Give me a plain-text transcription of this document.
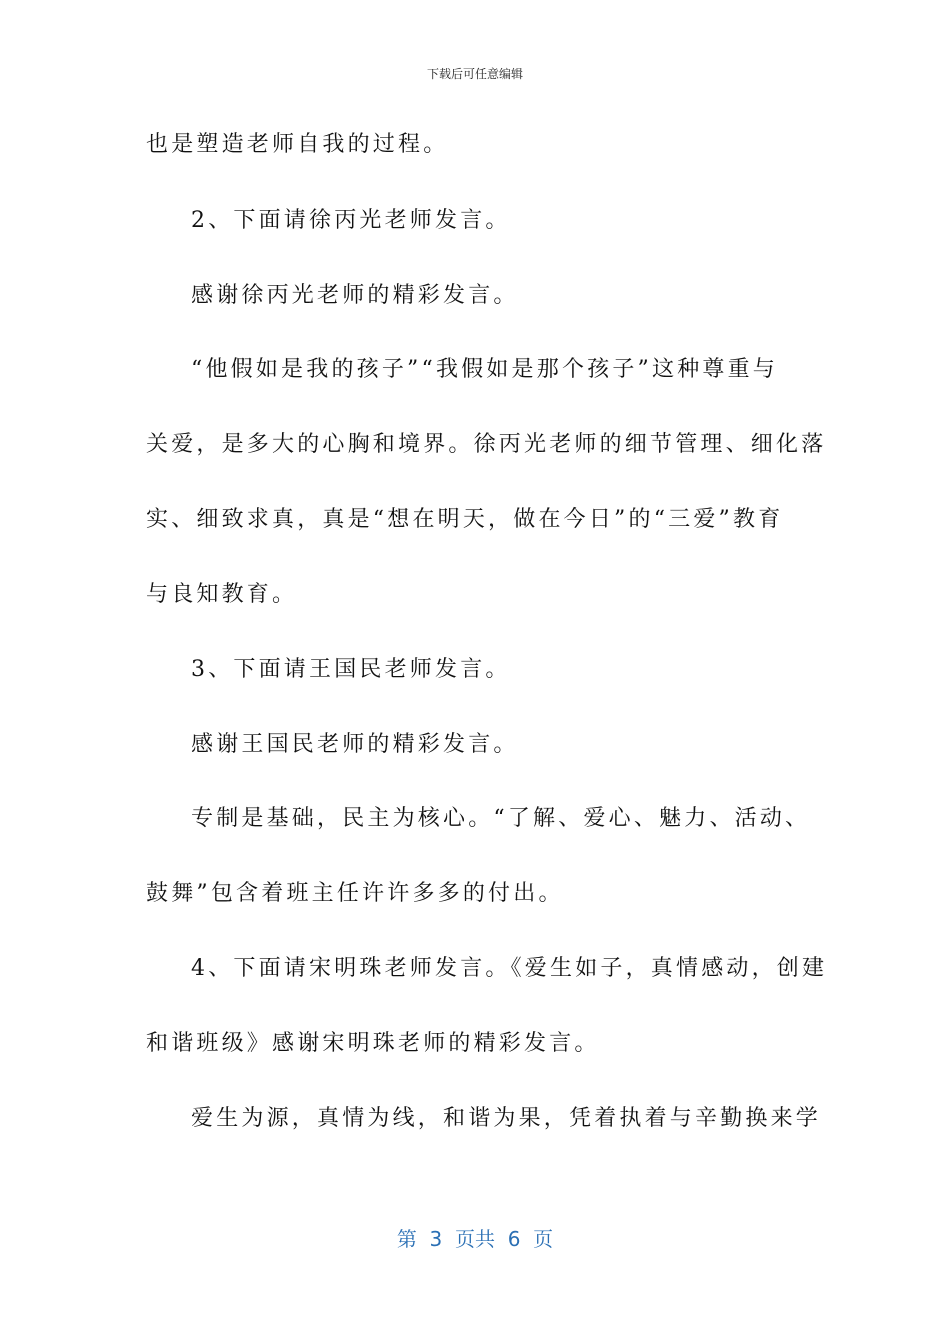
下载后可任意编辑
也是塑造老师自我的过程。
2、下面请徐丙光老师发言。
感谢徐丙光老师的精彩发言。
“他假如是我的孩子”“我假如是那个孩子”这种尊重与
关爱，是多大的心胸和境界。徐丙光老师的细节管理、细化落
实、细致求真，真是“想在明天，做在今日”的“三爱”教育
与良知教育。
3、下面请王国民老师发言。
感谢王国民老师的精彩发言。
专制是基础，民主为核心。“了解、爱心、魅力、活动、
鼓舞”包含着班主任许许多多的付出。
4、下面请宋明珠老师发言。《爱生如子，真情感动，创建
和谐班级》感谢宋明珠老师的精彩发言。
爱生为源，真情为线，和谐为果，凭着执着与辛勤换来学
第  3  页共  6  页
